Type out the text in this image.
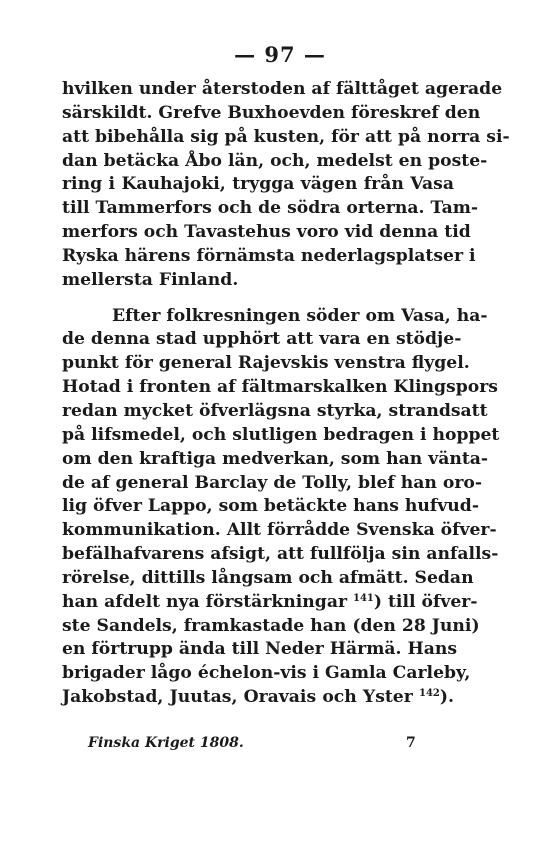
— 97 —
hvilken under återstoden af fälttåget agerade
särskildt. Grefve Buxhoevden föreskref den
att bibehålla sig på kusten, för att på norra si-
dan betäcka Åbo län, och, medelst en poste-
ring i Kauhajoki, trygga vägen från Vasa
till Tammerfors och de södra orterna. Tam-
merfors och Tavastehus voro vid denna tid
Ryska härens förnämsta nederlagsplatser i
mellersta Finland.
Efter folkresningen söder om Vasa, ha-
de denna stad upphört att vara en stödje-
punkt för general Rajevskis venstra flygel.
Hotad i fronten af fältmarskalken Klingspors
redan mycket öfverlägsna styrka, strandsatt
på lifsmedel, och slutligen bedragen i hoppet
om den kraftiga medverkan, som han vänta-
de af general Barclay de Tolly, blef han oro-
lig öfver Lappo, som betäckte hans hufvud-
kommunikation. Allt förrådde Svenska öfver-
befälhafvarens afsigt, att fullfölja sin anfalls-
rörelse, dittills långsam och afmätt. Sedan
han afdelt nya förstärkningar $^{141}$) till öfver-
ste Sandels, framkastade han (den 28 Juni)
en förtrupp ända till Neder Härmä. Hans
brigader lågo échelon-vis i Gamla Carleby,
Jakobstad, Juutas, Oravais och Yster $^{142}$).
Finska Kriget 1808.	7
